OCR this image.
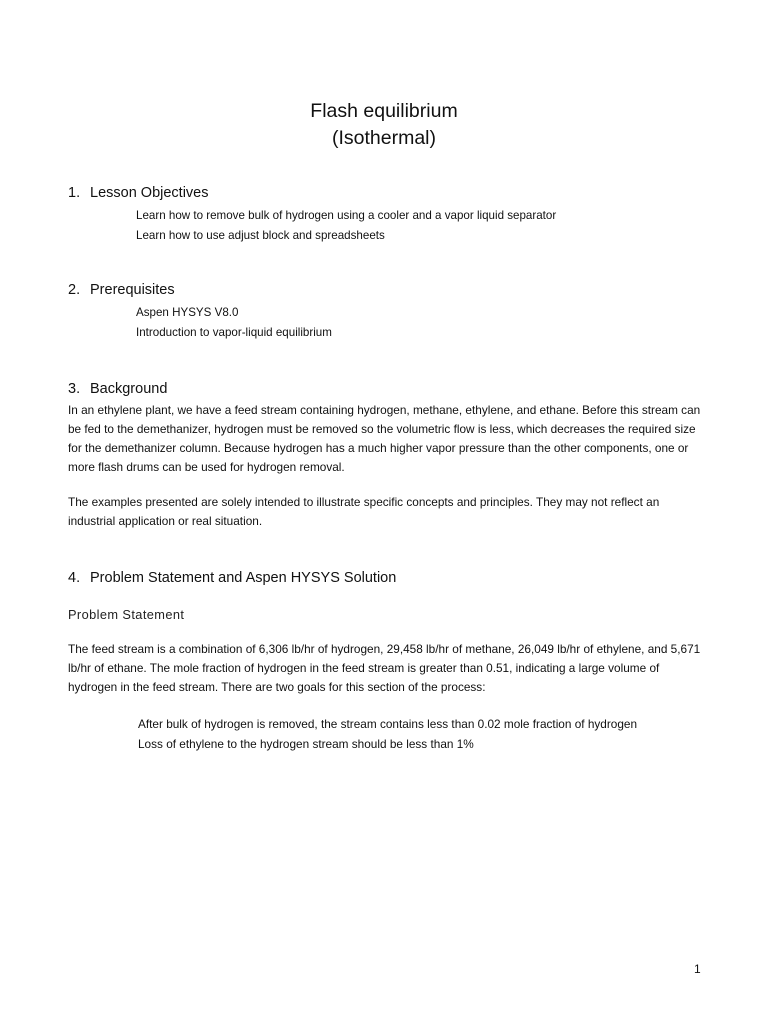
Flash equilibrium
(Isothermal)
1. Lesson Objectives
Learn how to remove bulk of hydrogen using a cooler and a vapor liquid separator
Learn how to use adjust block and spreadsheets
2. Prerequisites
Aspen HYSYS V8.0
Introduction to vapor-liquid equilibrium
3. Background
In an ethylene plant, we have a feed stream containing hydrogen, methane, ethylene, and ethane. Before this stream can be fed to the demethanizer, hydrogen must be removed so the volumetric flow is less, which decreases the required size for the demethanizer column. Because hydrogen has a much higher vapor pressure than the other components, one or more flash drums can be used for hydrogen removal.
The examples presented are solely intended to illustrate specific concepts and principles. They may not reflect an industrial application or real situation.
4. Problem Statement and Aspen HYSYS Solution
Problem Statement
The feed stream is a combination of 6,306 lb/hr of hydrogen, 29,458 lb/hr of methane, 26,049 lb/hr of ethylene, and 5,671 lb/hr of ethane. The mole fraction of hydrogen in the feed stream is greater than 0.51, indicating a large volume of hydrogen in the feed stream. There are two goals for this section of the process:
After bulk of hydrogen is removed, the stream contains less than 0.02 mole fraction of hydrogen
Loss of ethylene to the hydrogen stream should be less than 1%
1
